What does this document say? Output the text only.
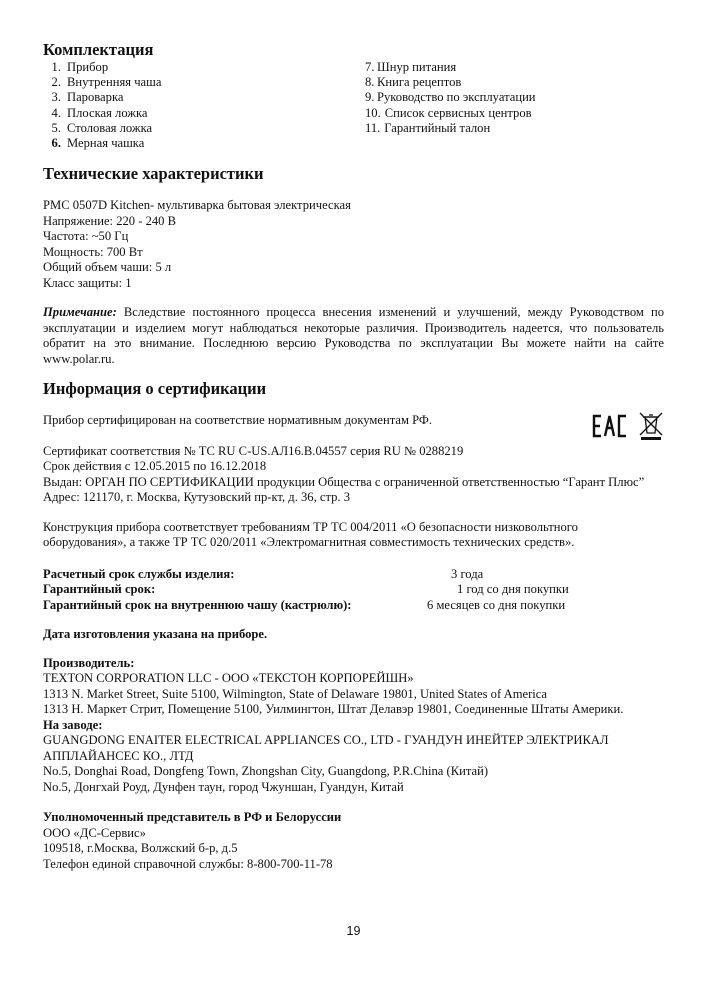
Комплектация
1. Прибор
2. Внутренняя чаша
3. Пароварка
4. Плоская ложка
5. Столовая ложка
6. Мерная чашка
7. Шнур питания
8. Книга рецептов
9. Руководство по эксплуатации
10. Список сервисных центров
11. Гарантийный талон
Технические характеристики
PMC 0507D Kitchen- мультиварка бытовая электрическая
Напряжение: 220 - 240 В
Частота: ~50 Гц
Мощность: 700 Вт
Общий объем чаши: 5 л
Класс защиты: 1

Примечание: Вследствие постоянного процесса внесения изменений и улучшений, между Руководством по эксплуатации и изделием могут наблюдаться некоторые различия. Производитель надеется, что пользователь обратит на это внимание. Последнюю версию Руководства по эксплуатации Вы можете найти на сайте www.polar.ru.

Информация о сертификации
Прибор сертифицирован на соответствие нормативным документам РФ.
Сертификат соответствия № ТС RU С-US.АЛ16.В.04557 серия RU № 0288219
Срок действия с 12.05.2015 по 16.12.2018
Выдан: ОРГАН ПО СЕРТИФИКАЦИИ продукции Общества с ограниченной ответственностью “Гарант Плюс”
Адрес: 121170, г. Москва, Кутузовский пр-кт, д. 36, стр. 3

Конструкция прибора соответствует требованиям ТР ТС 004/2011 «О безопасности низковольтного оборудования», а также ТР ТС 020/2011 «Электромагнитная совместимость технических средств».

Расчетный срок службы изделия:	3 года
Гарантийный срок:	1 год со дня покупки
Гарантийный срок на внутреннюю чашу (кастрюлю):	6 месяцев со дня покупки
Дата изготовления указана на приборе.
Производитель:
TEXTON CORPORATION LLC - ООО «ТЕКСТОН КОРПОРЕЙШН»
1313 N. Market Street, Suite 5100, Wilmington, State of Delaware 19801, United States of America
1313 Н. Маркет Стрит, Помещение 5100, Уилмингтон, Штат Делавэр 19801, Соединенные Штаты Америки.
На заводе:
GUANGDONG ENAITER ELECTRICAL APPLIANCES CO., LTD - ГУАНДУН ИНЕЙТЕР ЭЛЕКТРИКАЛ
АППЛАЙАНСЕС КО., ЛТД
No.5, Donghai Road, Dongfeng Town, Zhongshan City, Guangdong, P.R.China (Китай)
No.5, Донгхай Роуд, Дунфен таун, город Чжуншан, Гуандун, Китай
Уполномоченный представитель в РФ и Белоруссии
ООО «ДС-Сервис»
109518, г.Москва, Волжский б-р, д.5
Телефон единой справочной службы: 8-800-700-11-78
19
